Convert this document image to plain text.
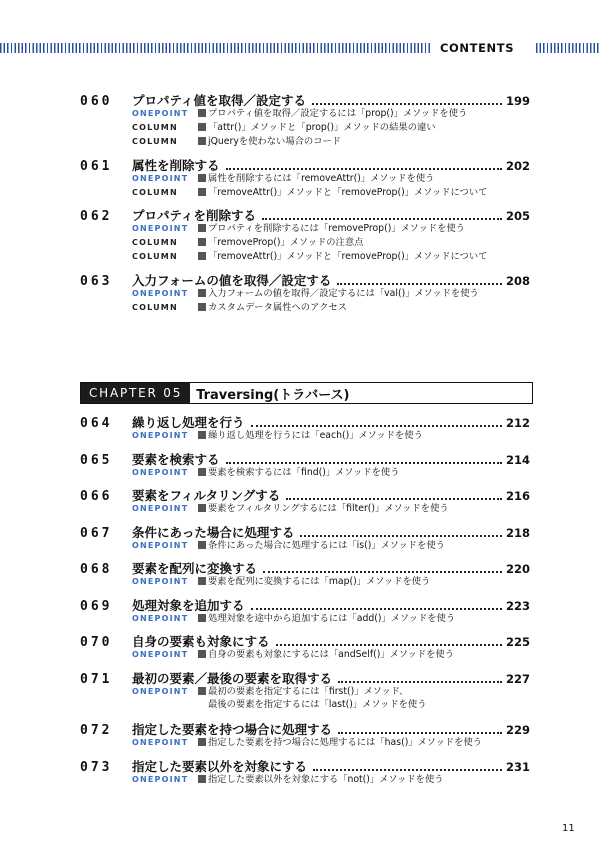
CONTENTS
060	プロパティ値を取得／設定する	199
ONEPOINT	プロパティ値を取得／設定するには「prop()」メソッドを使う
COLUMN	「attr()」メソッドと「prop()」メソッドの結果の違い
COLUMN	jQueryを使わない場合のコード
061	属性を削除する	202
ONEPOINT	属性を削除するには「removeAttr()」メソッドを使う
COLUMN	「removeAttr()」メソッドと「removeProp()」メソッドについて
062	プロパティを削除する	205
ONEPOINT	プロパティを削除するには「removeProp()」メソッドを使う
COLUMN	「removeProp()」メソッドの注意点
COLUMN	「removeAttr()」メソッドと「removeProp()」メソッドについて
063	入力フォームの値を取得／設定する	208
ONEPOINT	入力フォームの値を取得／設定するには「val()」メソッドを使う
COLUMN	カスタムデータ属性へのアクセス
CHAPTER 05	Traversing(トラバース)
064	繰り返し処理を行う	212
ONEPOINT	繰り返し処理を行うには「each()」メソッドを使う
065	要素を検索する	214
ONEPOINT	要素を検索するには「find()」メソッドを使う
066	要素をフィルタリングする	216
ONEPOINT	要素をフィルタリングするには「filter()」メソッドを使う
067	条件にあった場合に処理する	218
ONEPOINT	条件にあった場合に処理するには「is()」メソッドを使う
068	要素を配列に変換する	220
ONEPOINT	要素を配列に変換するには「map()」メソッドを使う
069	処理対象を追加する	223
ONEPOINT	処理対象を途中から追加するには「add()」メソッドを使う
070	自身の要素も対象にする	225
ONEPOINT	自身の要素も対象にするには「andSelf()」メソッドを使う
071	最初の要素／最後の要素を取得する	227
ONEPOINT	最初の要素を指定するには「first()」メソッド、
最後の要素を指定するには「last()」メソッドを使う
072	指定した要素を持つ場合に処理する	229
ONEPOINT	指定した要素を持つ場合に処理するには「has()」メソッドを使う
073	指定した要素以外を対象にする	231
ONEPOINT	指定した要素以外を対象にする「not()」メソッドを使う
11
